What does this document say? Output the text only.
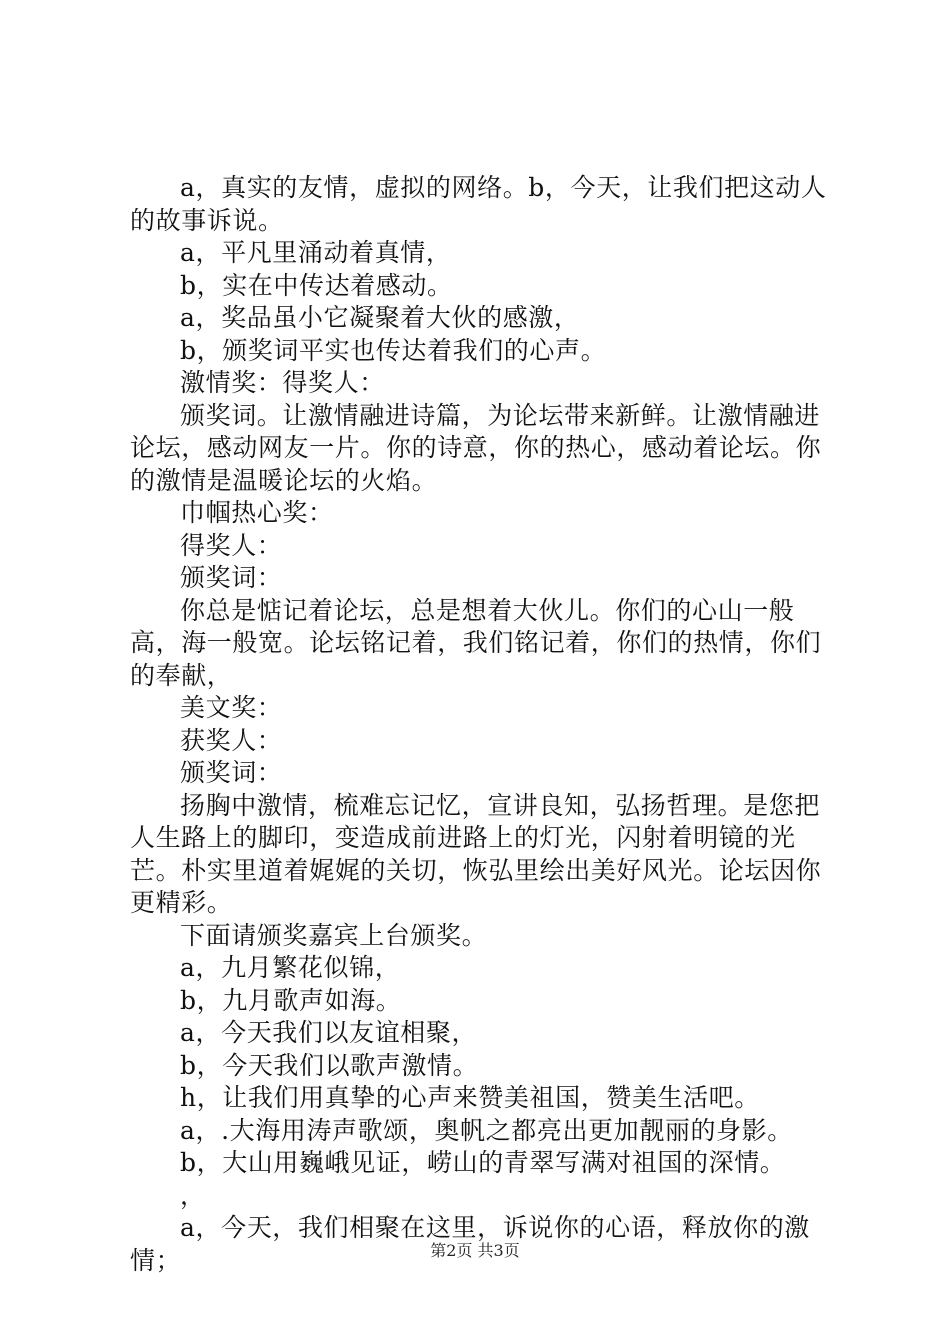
a，真实的友情，虚拟的网络。b，今天，让我们把这动人的故事诉说。

a，平凡里涌动着真情，

b，实在中传达着感动。

a，奖品虽小它凝聚着大伙的感激，

b，颁奖词平实也传达着我们的心声。

激情奖：得奖人：

颁奖词。让激情融进诗篇，为论坛带来新鲜。让激情融进论坛，感动网友一片。你的诗意，你的热心，感动着论坛。你的激情是温暖论坛的火焰。

巾帼热心奖：

得奖人：

颁奖词：

你总是惦记着论坛，总是想着大伙儿。你们的心山一般高，海一般宽。论坛铭记着，我们铭记着，你们的热情，你们的奉献，

美文奖：

获奖人：

颁奖词：

扬胸中激情，梳难忘记忆，宣讲良知，弘扬哲理。是您把人生路上的脚印，变造成前进路上的灯光，闪射着明镜的光芒。朴实里道着娓娓的关切，恢弘里绘出美好风光。论坛因你更精彩。

下面请颁奖嘉宾上台颁奖。

a，九月繁花似锦，

b，九月歌声如海。

a，今天我们以友谊相聚，

b，今天我们以歌声激情。

h，让我们用真挚的心声来赞美祖国，赞美生活吧。

a，.大海用涛声歌颂，奥帆之都亮出更加靓丽的身影。

b，大山用巍峨见证，崂山的青翠写满对祖国的深情。

，

a，今天，我们相聚在这里，诉说你的心语，释放你的激情；	第2页 共3页
